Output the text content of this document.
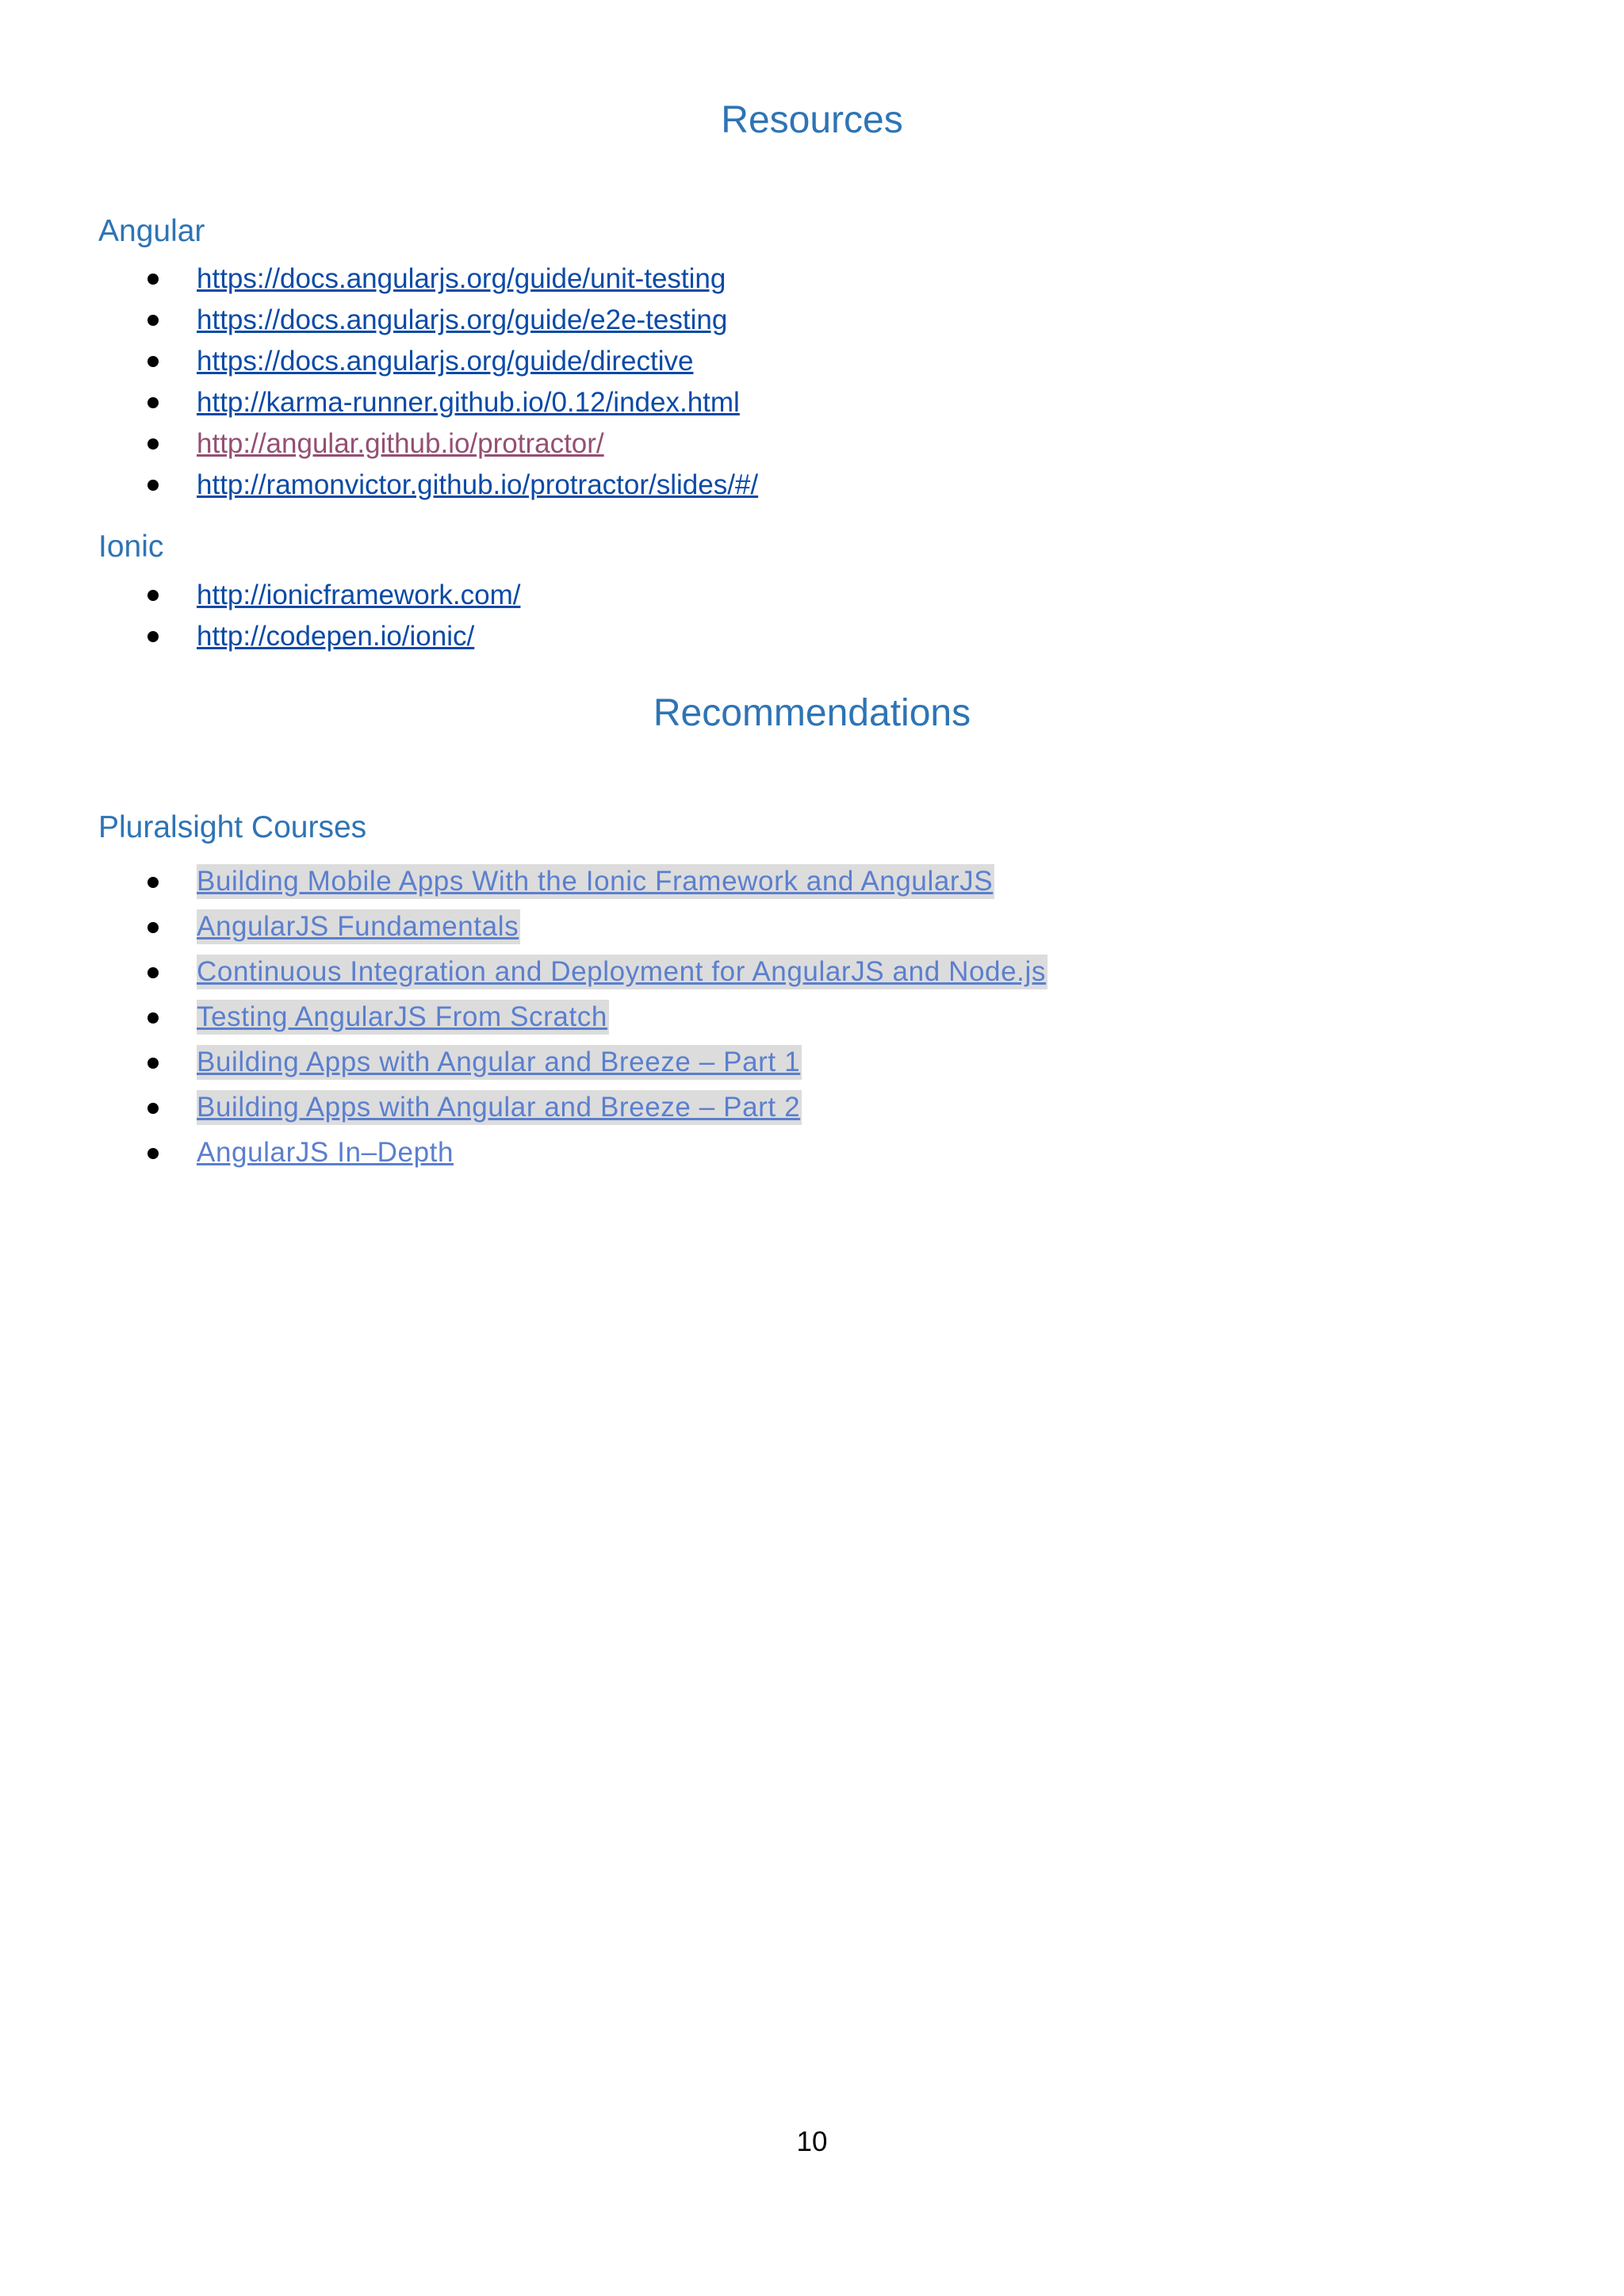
Resources
Angular
https://docs.angularjs.org/guide/unit-testing
https://docs.angularjs.org/guide/e2e-testing
https://docs.angularjs.org/guide/directive
http://karma-runner.github.io/0.12/index.html
http://angular.github.io/protractor/
http://ramonvictor.github.io/protractor/slides/#/
Ionic
http://ionicframework.com/
http://codepen.io/ionic/
Recommendations
Pluralsight Courses
Building Mobile Apps With the Ionic Framework and AngularJS
AngularJS Fundamentals
Continuous Integration and Deployment for AngularJS and Node.js
Testing AngularJS From Scratch
Building Apps with Angular and Breeze – Part 1
Building Apps with Angular and Breeze – Part 2
AngularJS In–Depth
10
